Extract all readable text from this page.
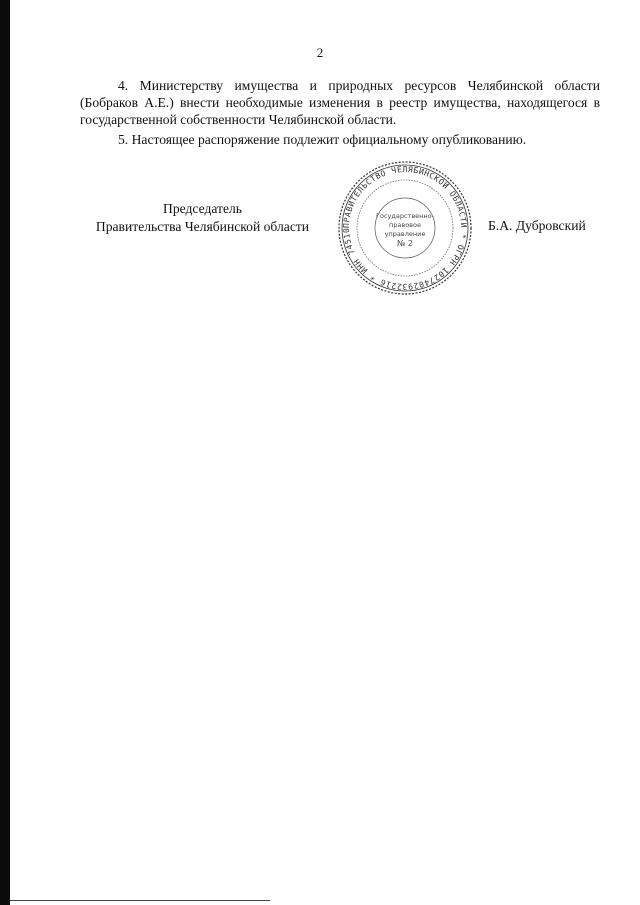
2
4. Министерству имущества и природных ресурсов Челябинской области (Бобраков А.Е.) внести необходимые изменения в реестр имущества, находящегося в государственной собственности Челябинской области.
5. Настоящее распоряжение подлежит официальному опубликованию.
Председатель
Правительства Челябинской области	ПРАВИТЕЛЬСТВО ЧЕЛЯБИНСКОЙ ОБЛАСТИ * ОГРН 1027402932216 * ИНН 74510
Государственно-
правовое
управление
№ 2
Б.А. Дубровский
